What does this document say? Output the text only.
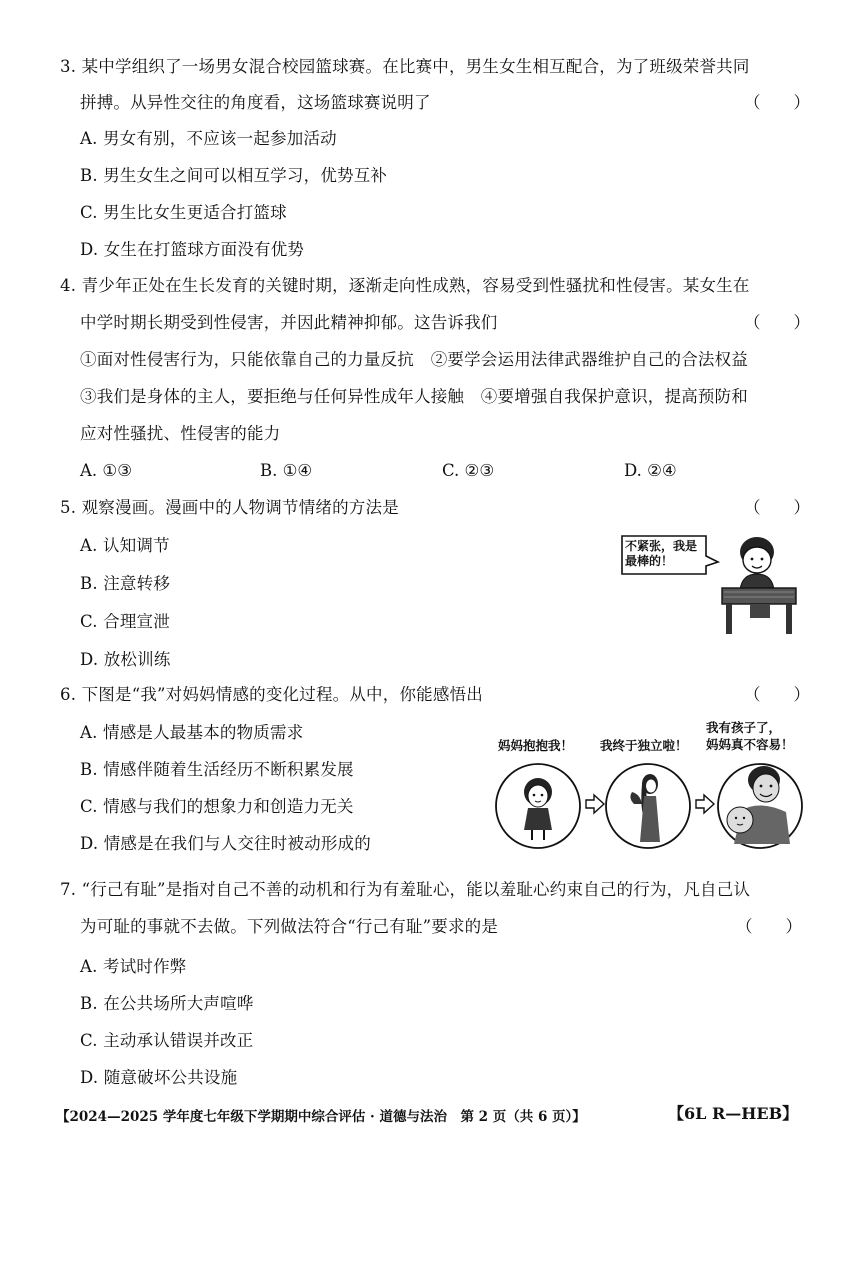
3. 某中学组织了一场男女混合校园篮球赛。在比赛中，男生女生相互配合，为了班级荣誉共同
拼搏。从异性交往的角度看，这场篮球赛说明了	（　　）
A. 男女有别，不应该一起参加活动
B. 男生女生之间可以相互学习，优势互补
C. 男生比女生更适合打篮球
D. 女生在打篮球方面没有优势
4. 青少年正处在生长发育的关键时期，逐渐走向性成熟，容易受到性骚扰和性侵害。某女生在
中学时期长期受到性侵害，并因此精神抑郁。这告诉我们	（　　）
①面对性侵害行为，只能依靠自己的力量反抗　②要学会运用法律武器维护自己的合法权益
③我们是身体的主人，要拒绝与任何异性成年人接触　④要增强自我保护意识，提高预防和
应对性骚扰、性侵害的能力
A. ①③	B. ①④	C. ②③	D. ②④
5. 观察漫画。漫画中的人物调节情绪的方法是	（　　）
A. 认知调节
B. 注意转移
C. 合理宣泄
D. 放松训练
不紧张，我是
最棒的！
6. 下图是“我”对妈妈情感的变化过程。从中，你能感悟出	（　　）
A. 情感是人最基本的物质需求
B. 情感伴随着生活经历不断积累发展
C. 情感与我们的想象力和创造力无关
D. 情感是在我们与人交往时被动形成的
妈妈抱抱我！ 我终于独立啦！
我有孩子了，
妈妈真不容易！
7. “行己有耻”是指对自己不善的动机和行为有羞耻心，能以羞耻心约束自己的行为，凡自己认
为可耻的事就不去做。下列做法符合“行己有耻”要求的是	（　　）
A. 考试时作弊
B. 在公共场所大声喧哗
C. 主动承认错误并改正
D. 随意破坏公共设施
【2024—2025 学年度七年级下学期期中综合评估 · 道德与法治　第 2 页（共 6 页）】	【6L R—HEB】
